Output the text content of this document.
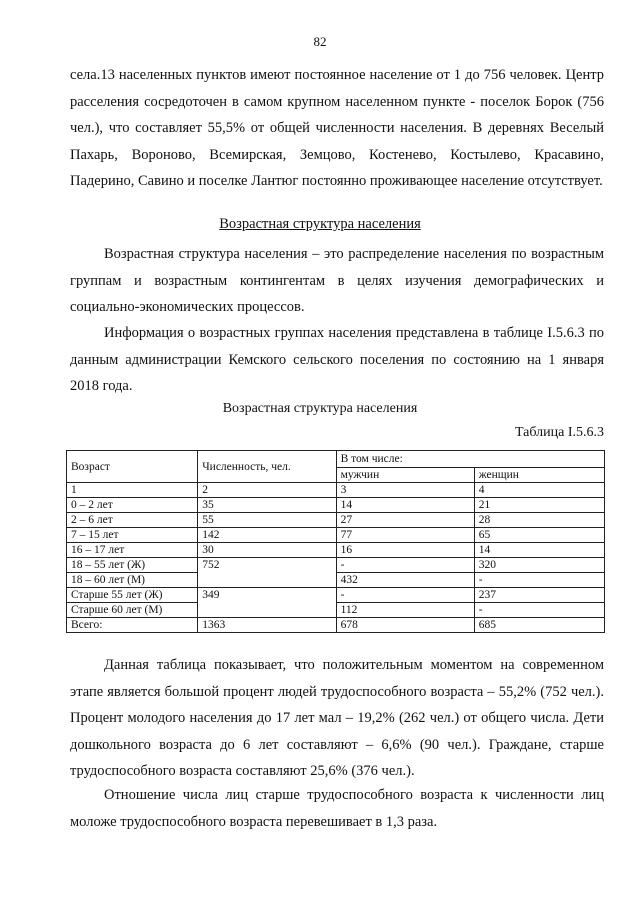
82

села.13 населенных пунктов имеют постоянное население от 1 до 756 человек. Центр расселения сосредоточен в самом крупном населенном пункте - поселок Борок (756 чел.), что составляет 55,5% от общей численности населения. В деревнях Веселый Пахарь, Вороново, Всемирская, Земцово, Костенево, Костылево, Красавино, Падерино, Савино и поселке Лантюг постоянно проживающее население отсутствует.

Возрастная структура населения

Возрастная структура населения – это распределение населения по возрастным группам и возрастным контингентам в целях изучения демографических и социально-экономических процессов.

Информация о возрастных группах населения представлена в таблице I.5.6.3 по данным администрации Кемского сельского поселения по состоянию на 1 января 2018 года.

Возрастная структура населения
Таблица I.5.6.3
Возраст	Численность, чел.	В том числе:	
		мужчин	женщин
1	2	3	4
0 – 2 лет	35	14	21
2 – 6 лет	55	27	28
7 – 15 лет	142	77	65
16 – 17 лет	30	16	14
18 – 55 лет (Ж)	752	-	320
18 – 60 лет (М)		432	-
Старше 55 лет (Ж)	349	-	237
Старше 60 лет (М)		112	-
Всего:	1363	678	685

Данная таблица показывает, что положительным моментом на современном этапе является большой процент людей трудоспособного возраста – 55,2% (752 чел.). Процент молодого населения до 17 лет мал – 19,2% (262 чел.) от общего числа. Дети дошкольного возраста до 6 лет составляют – 6,6% (90 чел.). Граждане, старше трудоспособного возраста составляют 25,6% (376 чел.).

Отношение числа лиц старше трудоспособного возраста к численности лиц моложе трудоспособного возраста перевешивает в 1,3 раза.
